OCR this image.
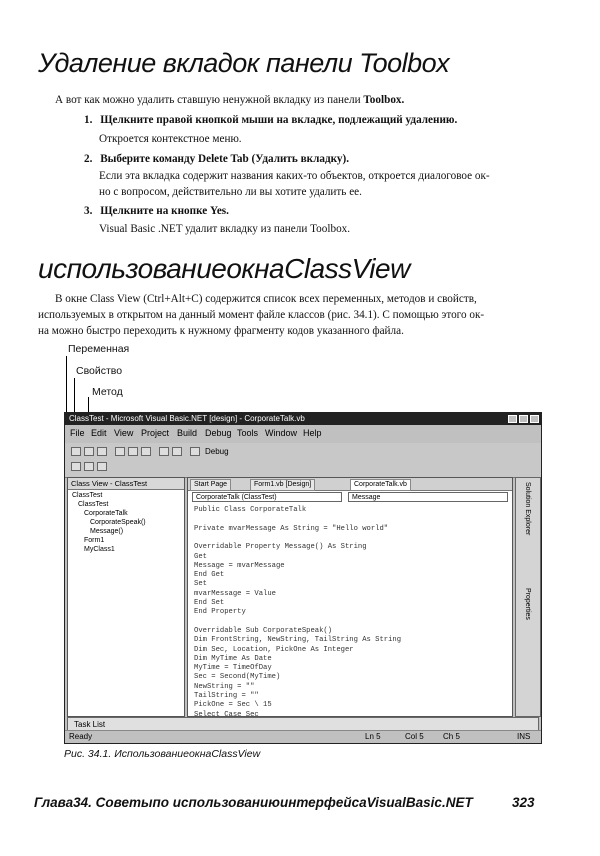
Удаление вкладок панели Toolbox
А вот как можно удалить ставшую ненужной вкладку из панели Toolbox.
1. Щелкните правой кнопкой мыши на вкладке, подлежащий удалению.
Откроется контекстное меню.
2. Выберите команду Delete Tab (Удалить вкладку).
Если эта вкладка содержит названия каких-то объектов, откроется диалоговое ок-
но с вопросом, действительно ли вы хотите удалить ее.
3. Щелкните на кнопке Yes.
Visual Basic .NET удалит вкладку из панели Toolbox.
использованиеокнаClassView
В окне Class View (Ctrl+Alt+C) содержится список всех переменных, методов и свойств,
используемых в открытом на данный момент файле классов (рис. 34.1). С помощью этого ок-
на можно быстро переходить к нужному фрагменту кодов указанного файла.
Переменная
Свойство
Метод
ClassTest - Microsoft Visual Basic.NET [design] - CorporateTalk.vb
File Edit View Project Build Debug Tools Window Help
Debug
Class View - ClassTest
ClassTest
ClassTest
CorporateTalk
CorporateSpeak()
Message()
Form1
MyClass1
Start Page	Form1.vb [Design]	CorporateTalk.vb
CorporateTalk (ClassTest)	Message
Public Class CorporateTalk
Private mvarMessage As String = "Hello world"
Overridable Property Message() As String
Get
Message = mvarMessage
End Get
Set
mvarMessage = Value
End Set
End Property
Overridable Sub CorporateSpeak()
Dim FrontString, NewString, TailString As String
Dim Sec, Location, PickOne As Integer
Dim MyTime As Date
MyTime = TimeOfDay
Sec = Second(MyTime)
NewString = ""
TailString = ""
PickOne = Sec \ 15
Select Case Sec
Solution Explorer
Properties
Task List
Ready	Ln 5	Col 5 Ch 5	INS
Рис. 34.1. ИспользованиеокнаClassView
Глава34. Советыпо использованиюинтерфейсаVisualBasic.NET	323
